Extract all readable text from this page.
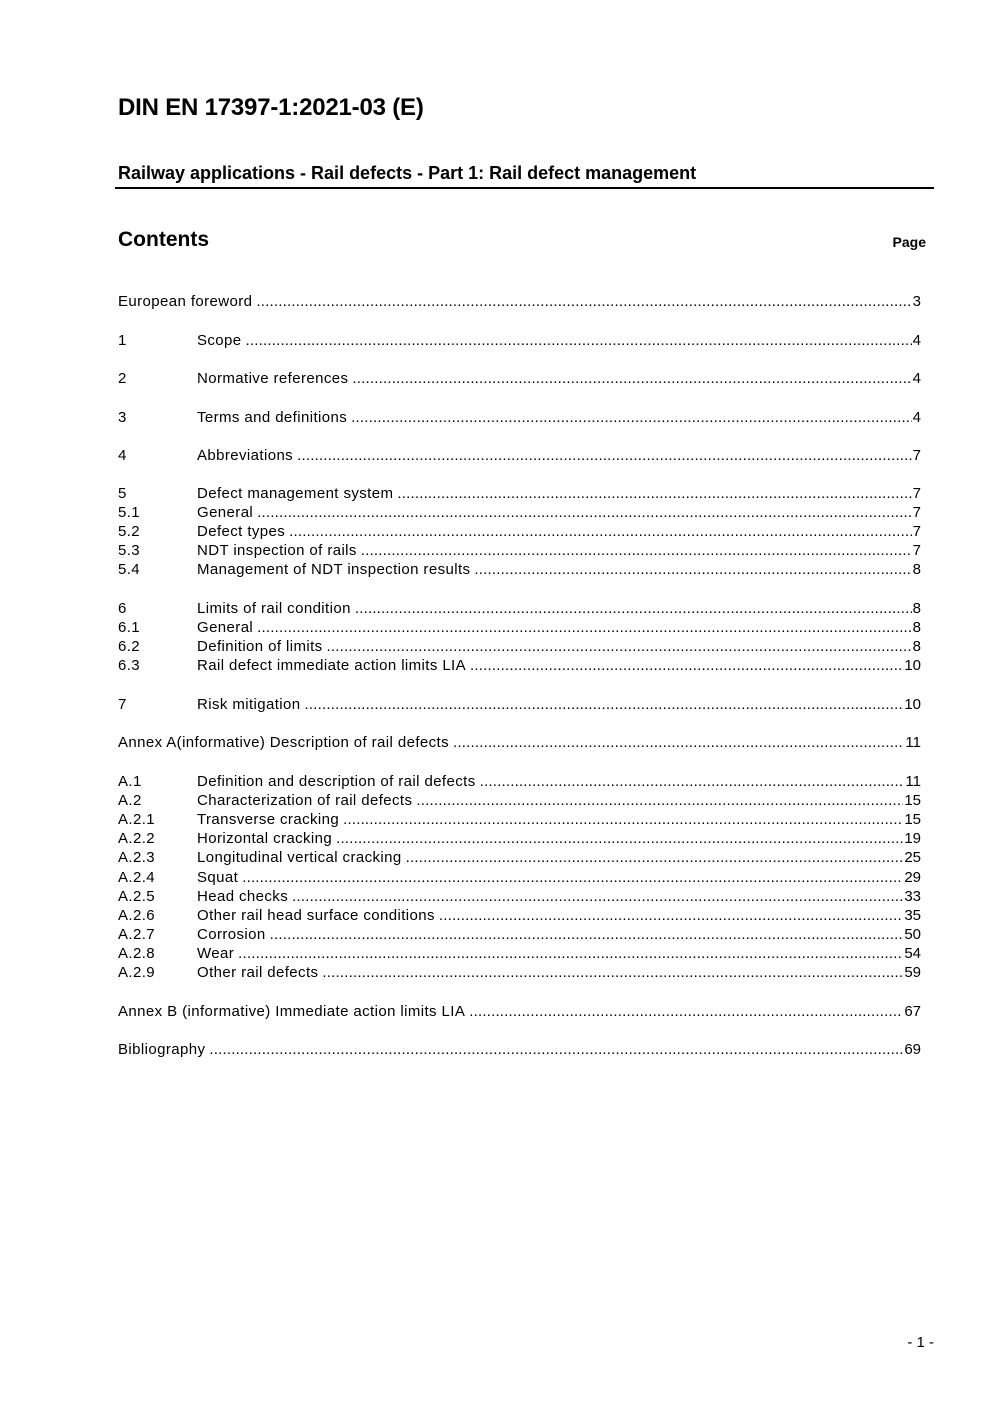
DIN EN 17397-1:2021-03 (E)
Railway applications - Rail defects - Part 1: Rail defect management
Contents	Page
European foreword .....	3
1	Scope .....	4
2	Normative references .....	4
3	Terms and definitions .....	4
4	Abbreviations .....	7
5	Defect management system .....	7
5.1	General .....	7
5.2	Defect types .....	7
5.3	NDT inspection of rails .....	7
5.4	Management of NDT inspection results .....	8
6	Limits of rail condition .....	8
6.1	General .....	8
6.2	Definition of limits .....	8
6.3	Rail defect immediate action limits LIA .....	10
7	Risk mitigation .....	10
Annex A(informative) Description of rail defects .....	11
A.1	Definition and description of rail defects .....	11
A.2	Characterization of rail defects .....	15
A.2.1	Transverse cracking .....	15
A.2.2	Horizontal cracking .....	19
A.2.3	Longitudinal vertical cracking .....	25
A.2.4	Squat .....	29
A.2.5	Head checks .....	33
A.2.6	Other rail head surface conditions .....	35
A.2.7	Corrosion .....	50
A.2.8	Wear .....	54
A.2.9	Other rail defects .....	59
Annex B (informative) Immediate action limits LIA .....	67
Bibliography .....	69
- 1 -
